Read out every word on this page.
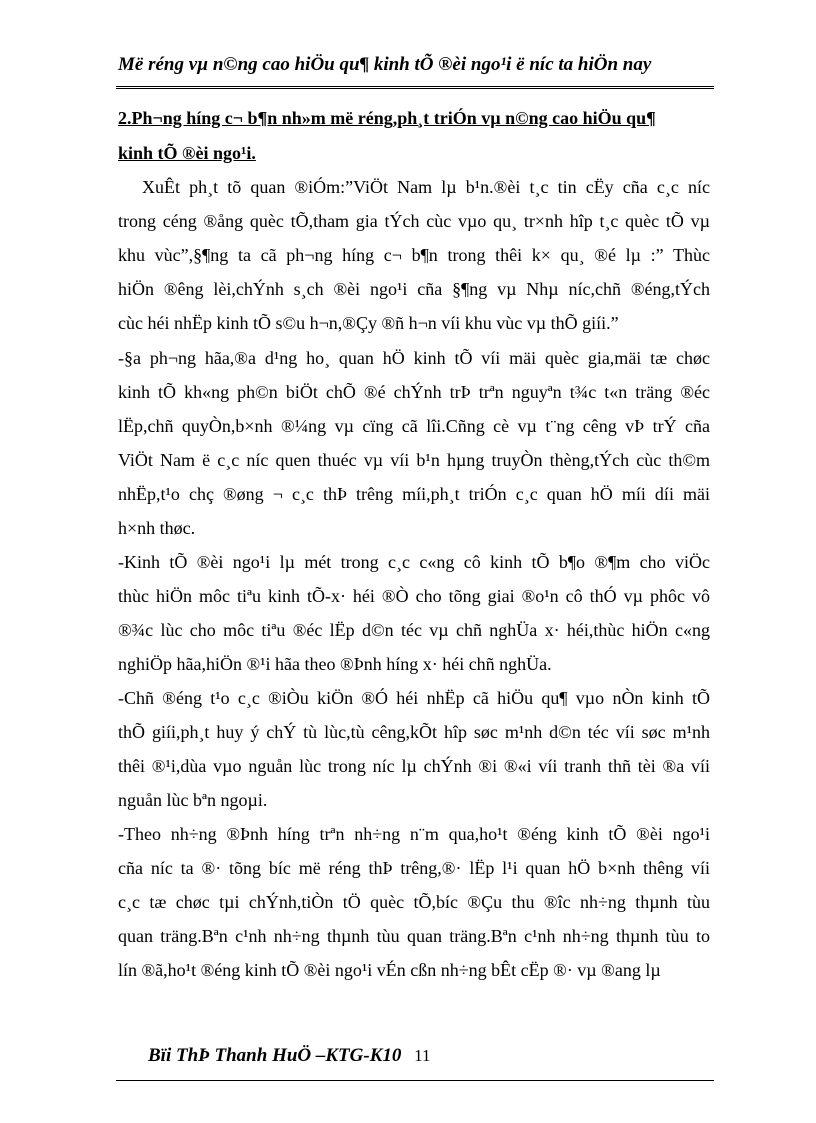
Më réng vµ n©ng cao hiÖu qu¶ kinh tÕ ®èi ngo¹i ë níc ta hiÖn nay
2.Ph¬ng híng c¬ b¶n nh»m më réng,ph¸t triÓn vµ n©ng cao hiÖu qu¶
kinh tÕ ®èi ngo¹i.
XuÊt ph¸t tõ quan ®iÓm:”ViÖt Nam lµ b¹n.®èi t¸c tin cËy cña c¸c níc
trong céng ®ång quèc tÕ,tham gia tÝch cùc vµo qu¸ tr×nh hîp t¸c quèc tÕ vµ
khu vùc”,§¶ng ta cã ph¬ng híng c¬ b¶n trong thêi k× qu¸ ®é lµ :” Thùc
hiÖn ®êng lèi,chÝnh s¸ch ®èi ngo¹i cña §¶ng vµ Nhµ níc,chñ ®éng,tÝch
cùc héi nhËp kinh tÕ s©u h¬n,®Çy ®ñ h¬n víi khu vùc vµ thÕ giíi.”
-§a ph¬ng hãa,®a d¹ng ho¸ quan hÖ kinh tÕ víi mäi quèc gia,mäi tæ chøc
kinh tÕ kh«ng ph©n biÖt chÕ ®é chÝnh trÞ trªn nguyªn t¾c t«n träng ®éc
lËp,chñ quyÒn,b×nh ®¼ng vµ cïng cã lîi.Cñng cè vµ t¨ng cêng vÞ trÝ cña
ViÖt Nam ë c¸c níc quen thuéc vµ víi b¹n hµng truyÒn thèng,tÝch cùc th©m
nhËp,t¹o chç ®øng ¬ c¸c thÞ trêng míi,ph¸t triÓn c¸c quan hÖ míi díi mäi
h×nh thøc.
-Kinh tÕ ®èi ngo¹i lµ mét trong c¸c c«ng cô kinh tÕ b¶o ®¶m cho viÖc
thùc hiÖn môc tiªu kinh tÕ-x· héi ®Ò cho tõng giai ®o¹n cô thÓ vµ phôc vô
®¾c lùc cho môc tiªu ®éc lËp d©n téc vµ chñ nghÜa x· héi,thùc hiÖn c«ng
nghiÖp hãa,hiÖn ®¹i hãa theo ®Þnh híng x· héi chñ nghÜa.
-Chñ ®éng t¹o c¸c ®iÒu kiÖn ®Ó héi nhËp cã hiÖu qu¶ vµo nÒn kinh tÕ
thÕ giíi,ph¸t huy ý chÝ tù lùc,tù cêng,kÕt hîp søc m¹nh d©n téc víi søc m¹nh
thêi ®¹i,dùa vµo nguån lùc trong níc lµ chÝnh ®i ®«i víi tranh thñ tèi ®a víi
nguån lùc bªn ngoµi.
-Theo nh÷ng ®Þnh híng trªn nh÷ng n¨m qua,ho¹t ®éng kinh tÕ ®èi ngo¹i
cña níc ta ®· tõng bíc më réng thÞ trêng,®· lËp l¹i quan hÖ b×nh thêng víi
c¸c tæ chøc tµi chÝnh,tiÒn tÖ quèc tÕ,bíc ®Çu thu ®îc nh÷ng thµnh tùu
quan träng.Bªn c¹nh nh÷ng thµnh tùu quan träng.Bªn c¹nh nh÷ng thµnh tùu to
lín ®ã,ho¹t ®éng kinh tÕ ®èi ngo¹i vÉn cßn nh÷ng bÊt cËp ®· vµ ®ang lµ
Bïi ThÞ Thanh HuÖ –KTG-K10 11
